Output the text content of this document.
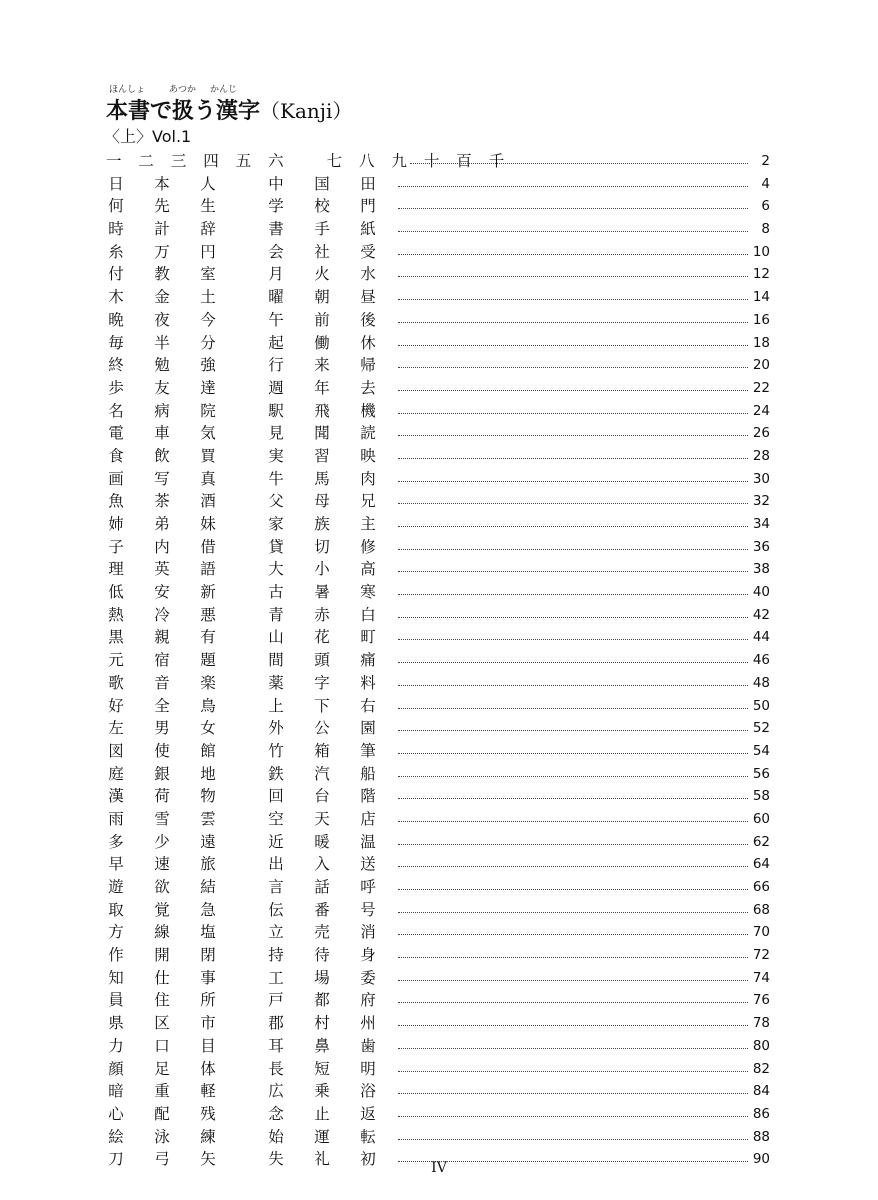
ほんしょ	あつか かんじ
本書で扱う漢字（Kanji）
〈上〉Vol.1
一 二 三 四 五 六 七 八 九 十 百 千	2
日 本 人	中 国 田	4
何 先 生	学 校 門	6
時 計 辞	書 手 紙	8
糸 万 円	会 社 受	10
付 教 室	月 火 水	12
木 金 土	曜 朝 昼	14
晩 夜 今	午 前 後	16
毎 半 分	起 働 休	18
終 勉 強	行 来 帰	20
歩 友 達	週 年 去	22
名 病 院	駅 飛 機	24
電 車 気	見 聞 読	26
食 飲 買	実 習 映	28
画 写 真	牛 馬 肉	30
魚 茶 酒	父 母 兄	32
姉 弟 妹	家 族 主	34
子 内 借	貸 切 修	36
理 英 語	大 小 高	38
低 安 新	古 暑 寒	40
熱 冷 悪	青 赤 白	42
黒 親 有	山 花 町	44
元 宿 題	間 頭 痛	46
歌 音 楽	薬 字 料	48
好 全 鳥	上 下 右	50
左 男 女	外 公 園	52
図 使 館	竹 箱 筆	54
庭 銀 地	鉄 汽 船	56
漢 荷 物	回 台 階	58
雨 雪 雲	空 天 店	60
多 少 遠	近 暖 温	62
早 速 旅	出 入 送	64
遊 欲 結	言 話 呼	66
取 覚 急	伝 番 号	68
方 線 塩	立 売 消	70
作 開 閉	持 待 身	72
知 仕 事	工 場 委	74
員 住 所	戸 都 府	76
県 区 市	郡 村 州	78
力 口 目	耳 鼻 歯	80
顔 足 体	長 短 明	82
暗 重 軽	広 乗 浴	84
心 配 残	念 止 返	86
絵 泳 練	始 運 転	88
刀 弓 矢	失 礼 初	90
IV
